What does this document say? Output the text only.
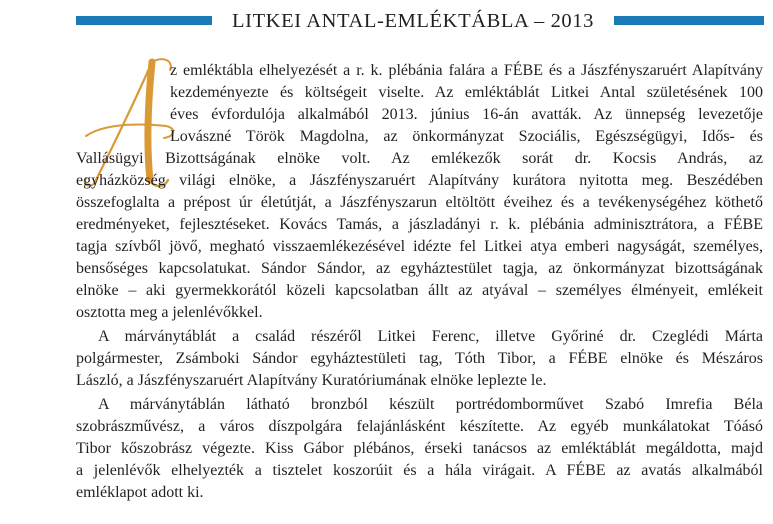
LITKEI ANTAL-EMLÉKTÁBLA – 2013
z emléktábla elhelyezését a r. k. plébánia falára a FÉBE és a Jászfényszaruért Alapítvány
kezdeményezte és költségeit viselte. Az emléktáblát Litkei Antal születésének 100
éves évfordulója alkalmából 2013. június 16-án avatták. Az ünnepség levezetője
Lovászné Török Magdolna, az önkormányzat Szociális, Egészségügyi, Idős- és
Vallásügyi Bizottságának elnöke volt. Az emlékezők sorát dr. Kocsis András, az
egyházközség világi elnöke, a Jászfényszaruért Alapítvány kurátora nyitotta meg. Beszédében
összefoglalta a prépost úr életútját, a Jászfényszarun eltöltött éveihez és a tevékenységéhez köthető
eredményeket, fejlesztéseket. Kovács Tamás, a jászladányi r. k. plébánia adminisztrátora, a FÉBE
tagja szívből jövő, megható visszaemlékezésével idézte fel Litkei atya emberi nagyságát, személyes,
bensőséges kapcsolatukat. Sándor Sándor, az egyháztestület tagja, az önkormányzat bizottságának
elnöke – aki gyermekkorától közeli kapcsolatban állt az atyával – személyes élményeit, emlékeit
osztotta meg a jelenlévőkkel.
A márványtáblát a család részéről Litkei Ferenc, illetve Győriné dr. Czeglédi Márta
polgármester, Zsámboki Sándor egyháztestületi tag, Tóth Tibor, a FÉBE elnöke és Mészáros
László, a Jászfényszaruért Alapítvány Kuratóriumának elnöke leplezte le.
A márványtáblán látható bronzból készült portrédomborművet Szabó Imrefia Béla
szobrászművész, a város díszpolgára felajánlásként készítette. Az egyéb munkálatokat Tóásó
Tibor kőszobrász végezte. Kiss Gábor plébános, érseki tanácsos az emléktáblát megáldotta, majd
a jelenlévők elhelyezték a tisztelet koszorúit és a hála virágait. A FÉBE az avatás alkalmából
emléklapot adott ki.
